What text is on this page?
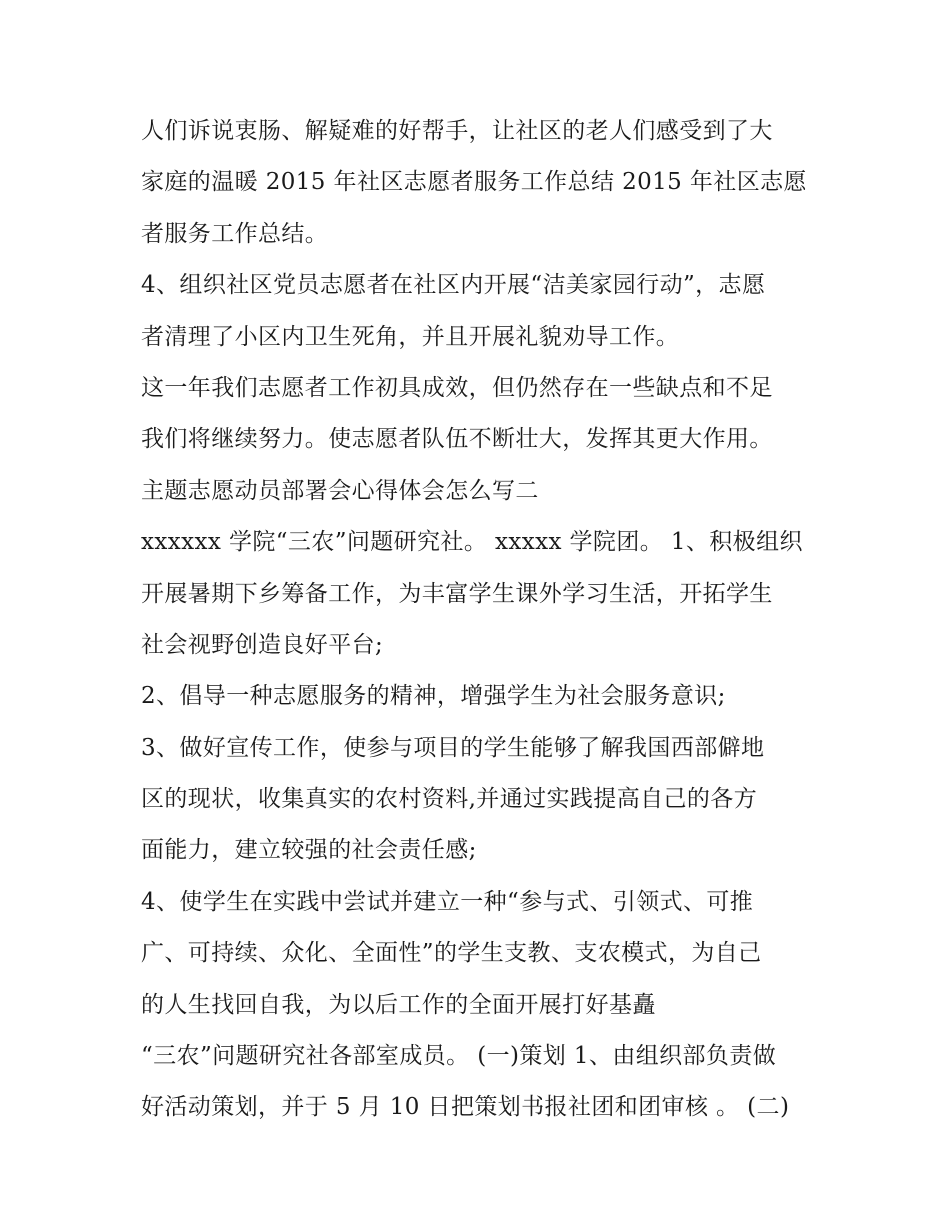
人们诉说衷肠、解疑难的好帮手，让社区的老人们感受到了大
家庭的温暖 2015 年社区志愿者服务工作总结 2015 年社区志愿
者服务工作总结。
4、组织社区党员志愿者在社区内开展“洁美家园行动”，志愿
者清理了小区内卫生死角，并且开展礼貌劝导工作。
这一年我们志愿者工作初具成效，但仍然存在一些缺点和不足
我们将继续努力。使志愿者队伍不断壮大，发挥其更大作用。
主题志愿动员部署会心得体会怎么写二
xxxxxx 学院“三农”问题研究社。 xxxxx 学院团。 1、积极组织
开展暑期下乡筹备工作，为丰富学生课外学习生活，开拓学生
社会视野创造良好平台;
2、倡导一种志愿服务的精神，增强学生为社会服务意识;
3、做好宣传工作，使参与项目的学生能够了解我国西部僻地
区的现状，收集真实的农村资料,并通过实践提高自己的各方
面能力，建立较强的社会责任感;
4、使学生在实践中尝试并建立一种“参与式、引领式、可推
广、可持续、众化、全面性”的学生支教、支农模式，为自己
的人生找回自我，为以后工作的全面开展打好基矗
“三农”问题研究社各部室成员。 (一)策划 1、由组织部负责做
好活动策划，并于 5 月 10 日把策划书报社团和团审核 。 (二)
